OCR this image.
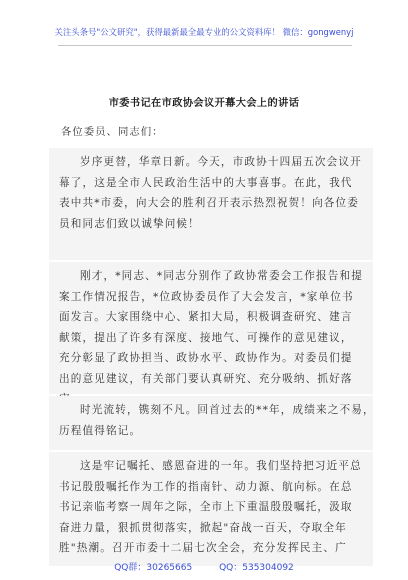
关注头条号"公文研究"，获得最新最全最专业的公文资料库！ 微信：gongwenyj
市委书记在市政协会议开幕大会上的讲话
各位委员、同志们：
岁序更替，华章日新。今天，市政协十四届五次会议开
幕了，这是全市人民政治生活中的大事喜事。在此，我代
表中共*市委，向大会的胜利召开表示热烈祝贺！向各位委
员和同志们致以诚挚问候！
刚才，*同志、*同志分别作了政协常委会工作报告和提
案工作情况报告，*位政协委员作了大会发言，*家单位书
面发言。大家围绕中心、紧扣大局，积极调查研究、建言
献策，提出了许多有深度、接地气、可操作的意见建议，
充分彰显了政协担当、政协水平、政协作为。对委员们提
出的意见建议，有关部门要认真研究、充分吸纳、抓好落
时光流转，镌刻不凡。回首过去的**年，成绩来之不易，
历程值得铭记。
这是牢记嘱托、感恩奋进的一年。我们坚持把习近平总
书记殷殷嘱托作为工作的指南针、动力源、航向标。在总
书记亲临考察一周年之际，全市上下重温殷殷嘱托，汲取
奋进力量，狠抓贯彻落实，掀起"奋战一百天，夺取全年
胜"热潮。召开市委十二届七次全会，充分发挥民主、广
QQ群：30265665	QQ：535304092
